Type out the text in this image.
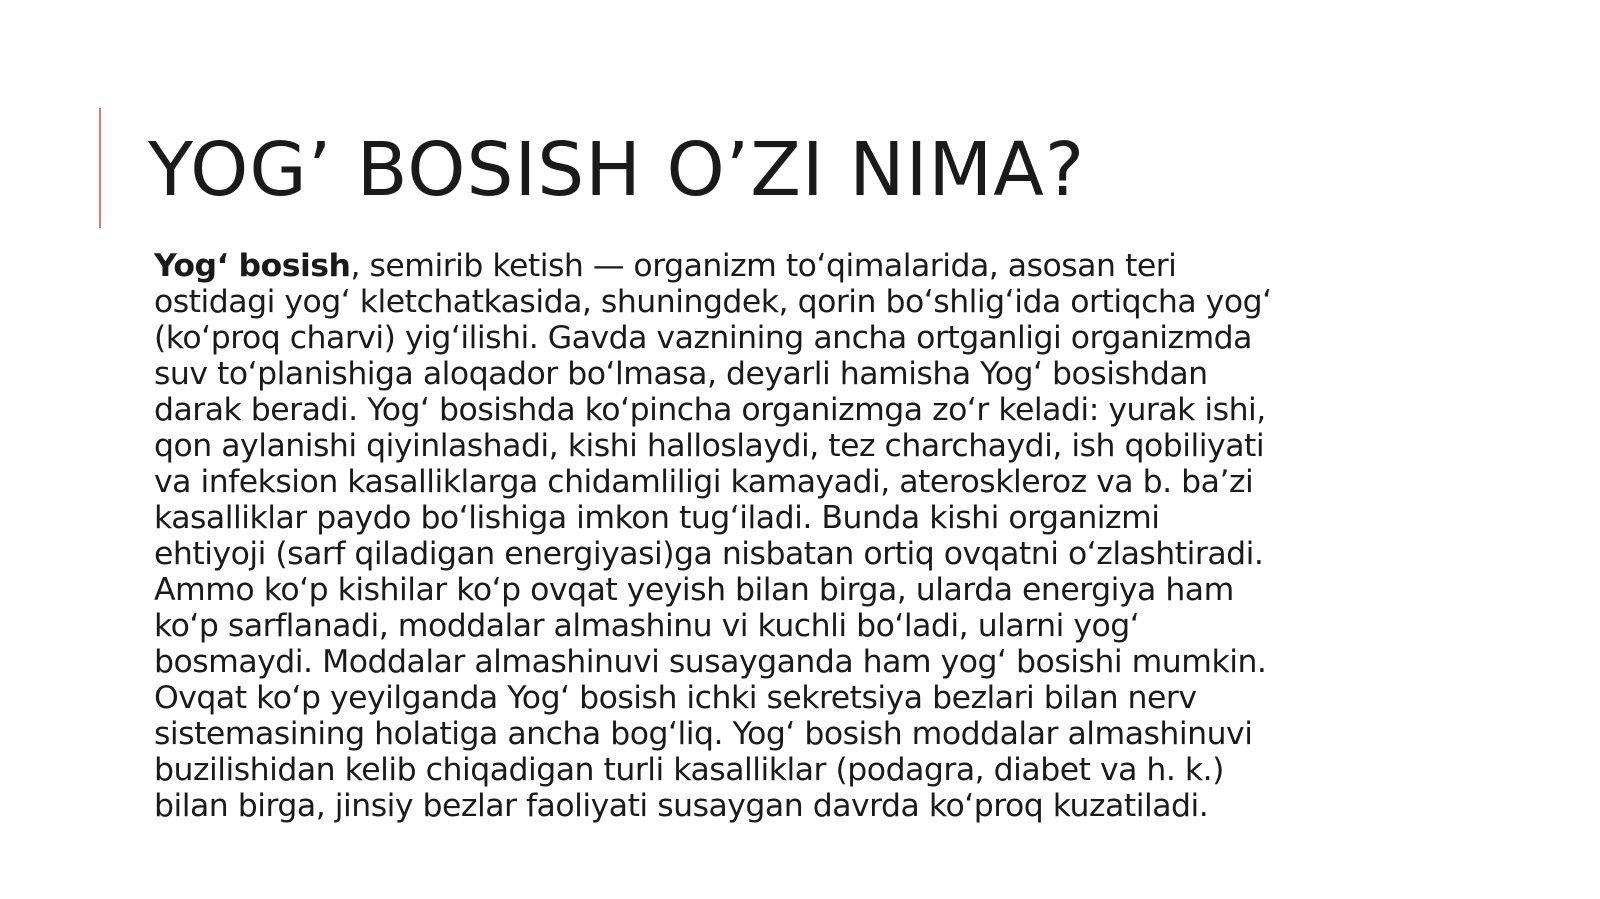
YOG’ BOSISH O’ZI NIMA?
Yog‘ bosish, semirib ketish — organizm to‘qimalarida, asosan teri
ostidagi yog‘ kletchatkasida, shuningdek, qorin bo‘shlig‘ida ortiqcha yog‘
(ko‘proq charvi) yig‘ilishi. Gavda vaznining ancha ortganligi organizmda
suv to‘planishiga aloqador bo‘lmasa, deyarli hamisha Yog‘ bosishdan
darak beradi. Yog‘ bosishda ko‘pincha organizmga zo‘r keladi: yurak ishi,
qon aylanishi qiyinlashadi, kishi halloslaydi, tez charchaydi, ish qobiliyati
va infeksion kasalliklarga chidamliligi kamayadi, ateroskleroz va b. ba’zi
kasalliklar paydo bo‘lishiga imkon tug‘iladi. Bunda kishi organizmi
ehtiyoji (sarf qiladigan energiyasi)ga nisbatan ortiq ovqatni o‘zlashtiradi.
Ammo ko‘p kishilar ko‘p ovqat yeyish bilan birga, ularda energiya ham
ko‘p sarflanadi, moddalar almashinu vi kuchli bo‘ladi, ularni yog‘
bosmaydi. Moddalar almashinuvi susayganda ham yog‘ bosishi mumkin.
Ovqat ko‘p yeyilganda Yog‘ bosish ichki sekretsiya bezlari bilan nerv
sistemasining holatiga ancha bog‘liq. Yog‘ bosish moddalar almashinuvi
buzilishidan kelib chiqadigan turli kasalliklar (podagra, diabet va h. k.)
bilan birga, jinsiy bezlar faoliyati susaygan davrda ko‘proq kuzatiladi.
